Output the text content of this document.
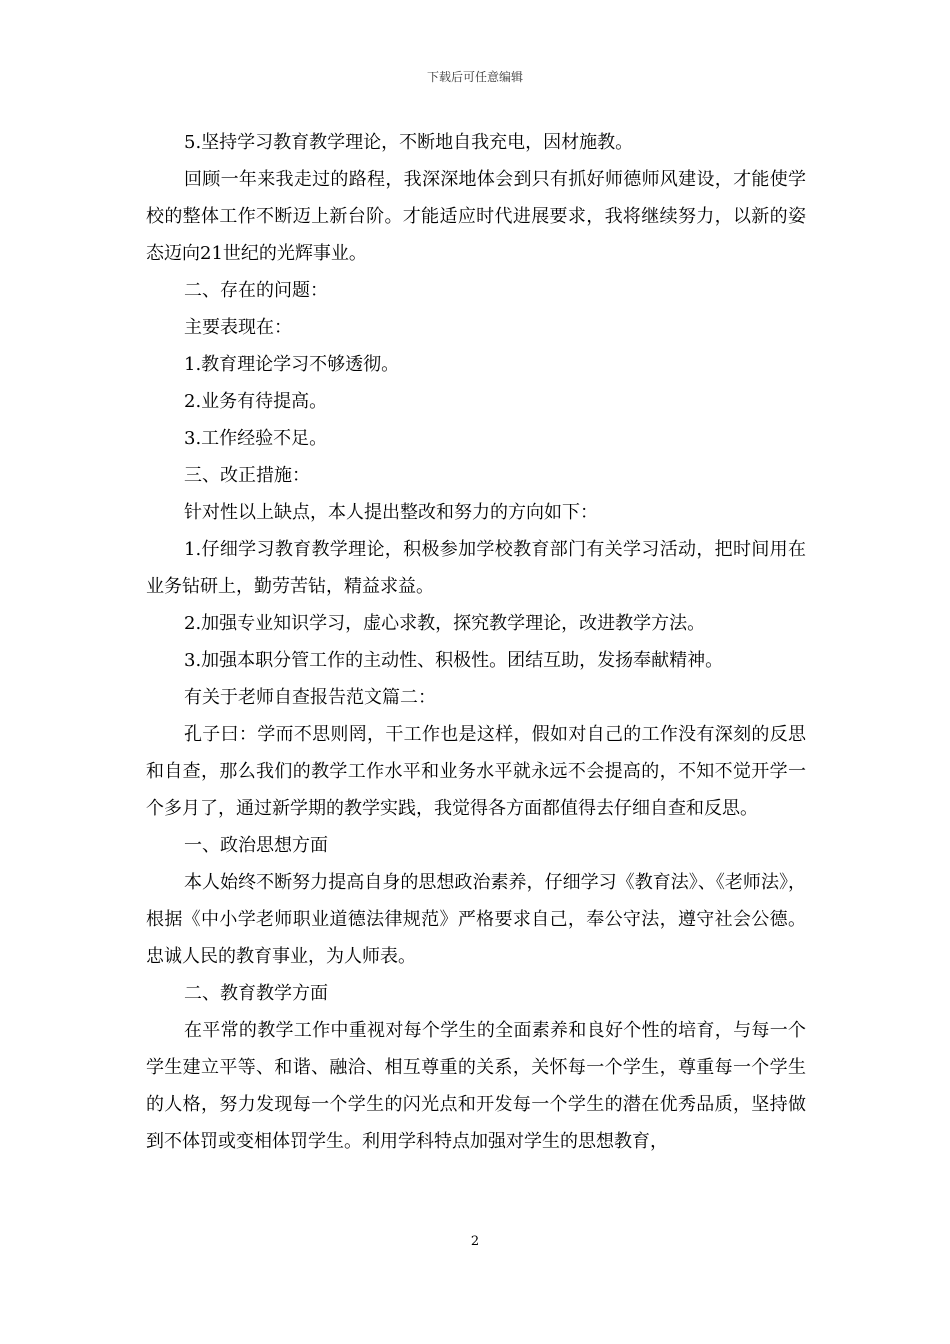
下载后可任意编辑

5.坚持学习教育教学理论，不断地自我充电，因材施教。

回顾一年来我走过的路程，我深深地体会到只有抓好师德师风建设，才能使学校的整体工作不断迈上新台阶。才能适应时代进展要求，我将继续努力，以新的姿态迈向21世纪的光辉事业。

二、存在的问题：

主要表现在：

1.教育理论学习不够透彻。

2.业务有待提高。

3.工作经验不足。

三、改正措施：

针对性以上缺点，本人提出整改和努力的方向如下：

1.仔细学习教育教学理论，积极参加学校教育部门有关学习活动，把时间用在业务钻研上，勤劳苦钻，精益求益。

2.加强专业知识学习，虚心求教，探究教学理论，改进教学方法。

3.加强本职分管工作的主动性、积极性。团结互助，发扬奉献精神。

有关于老师自查报告范文篇二：

孔子曰：学而不思则罔，干工作也是这样，假如对自己的工作没有深刻的反思和自查，那么我们的教学工作水平和业务水平就永远不会提高的，不知不觉开学一个多月了，通过新学期的教学实践，我觉得各方面都值得去仔细自查和反思。

一、政治思想方面

本人始终不断努力提高自身的思想政治素养，仔细学习《教育法》、《老师法》，根据《中小学老师职业道德法律规范》严格要求自己，奉公守法，遵守社会公德。忠诚人民的教育事业，为人师表。

二、教育教学方面

在平常的教学工作中重视对每个学生的全面素养和良好个性的培育，与每一个学生建立平等、和谐、融洽、相互尊重的关系，关怀每一个学生，尊重每一个学生的人格，努力发现每一个学生的闪光点和开发每一个学生的潜在优秀品质，坚持做到不体罚或变相体罚学生。利用学科特点加强对学生的思想教育，

2
